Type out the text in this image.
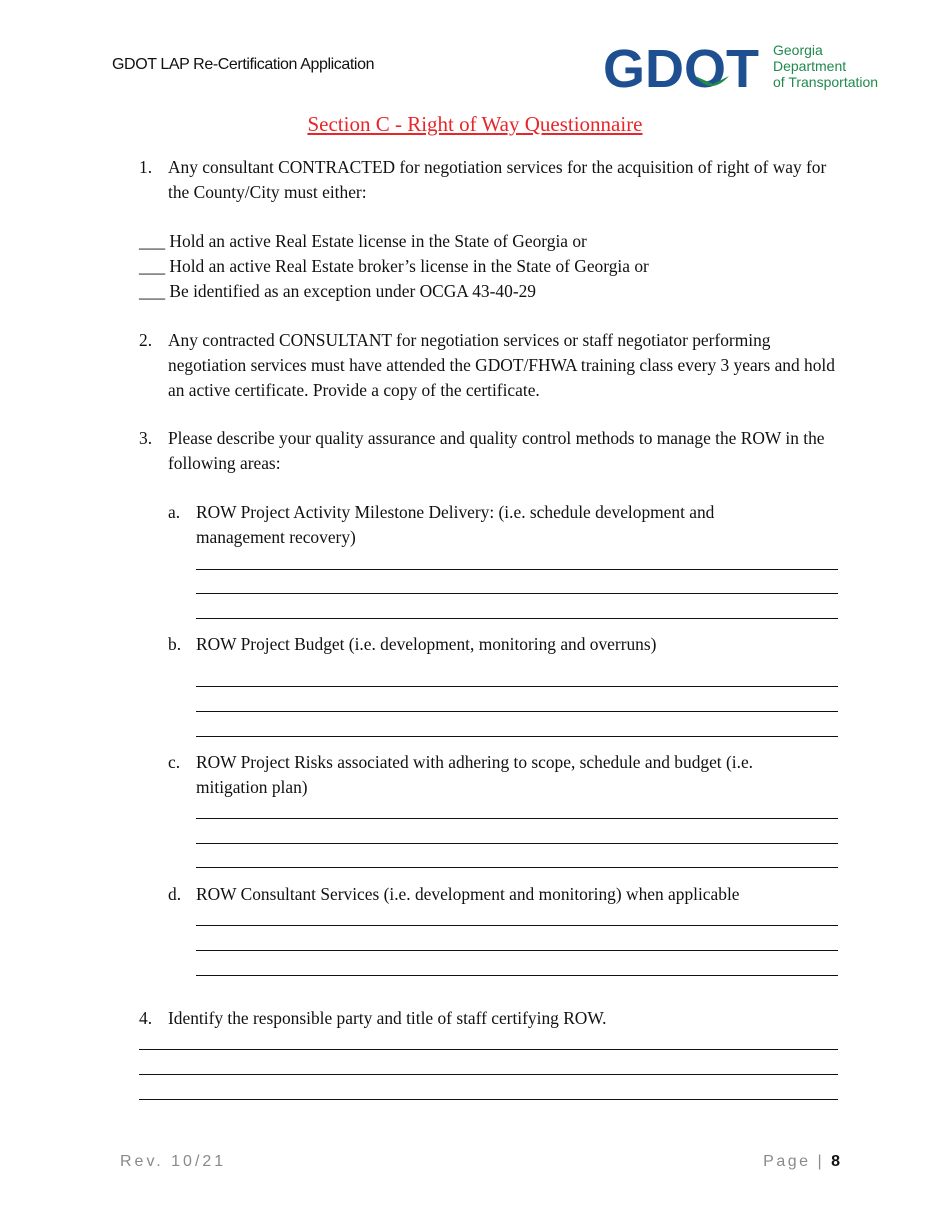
GDOT LAP Re-Certification Application	GDOT Georgia
Department
of Transportation
Section C - Right of Way Questionnaire
1. Any consultant CONTRACTED for negotiation services for the acquisition of right of way for the County/City must either:
___ Hold an active Real Estate license in the State of Georgia or
___ Hold an active Real Estate broker’s license in the State of Georgia or
___ Be identified as an exception under OCGA 43-40-29
2. Any contracted CONSULTANT for negotiation services or staff negotiator performing negotiation services must have attended the GDOT/FHWA training class every 3 years and hold an active certificate. Provide a copy of the certificate.
3. Please describe your quality assurance and quality control methods to manage the ROW in the following areas:
a. ROW Project Activity Milestone Delivery: (i.e. schedule development and management recovery)
b. ROW Project Budget (i.e. development, monitoring and overruns)
c. ROW Project Risks associated with adhering to scope, schedule and budget (i.e. mitigation plan)
d. ROW Consultant Services (i.e. development and monitoring) when applicable
4. Identify the responsible party and title of staff certifying ROW.
Rev. 10/21	Page | 8
